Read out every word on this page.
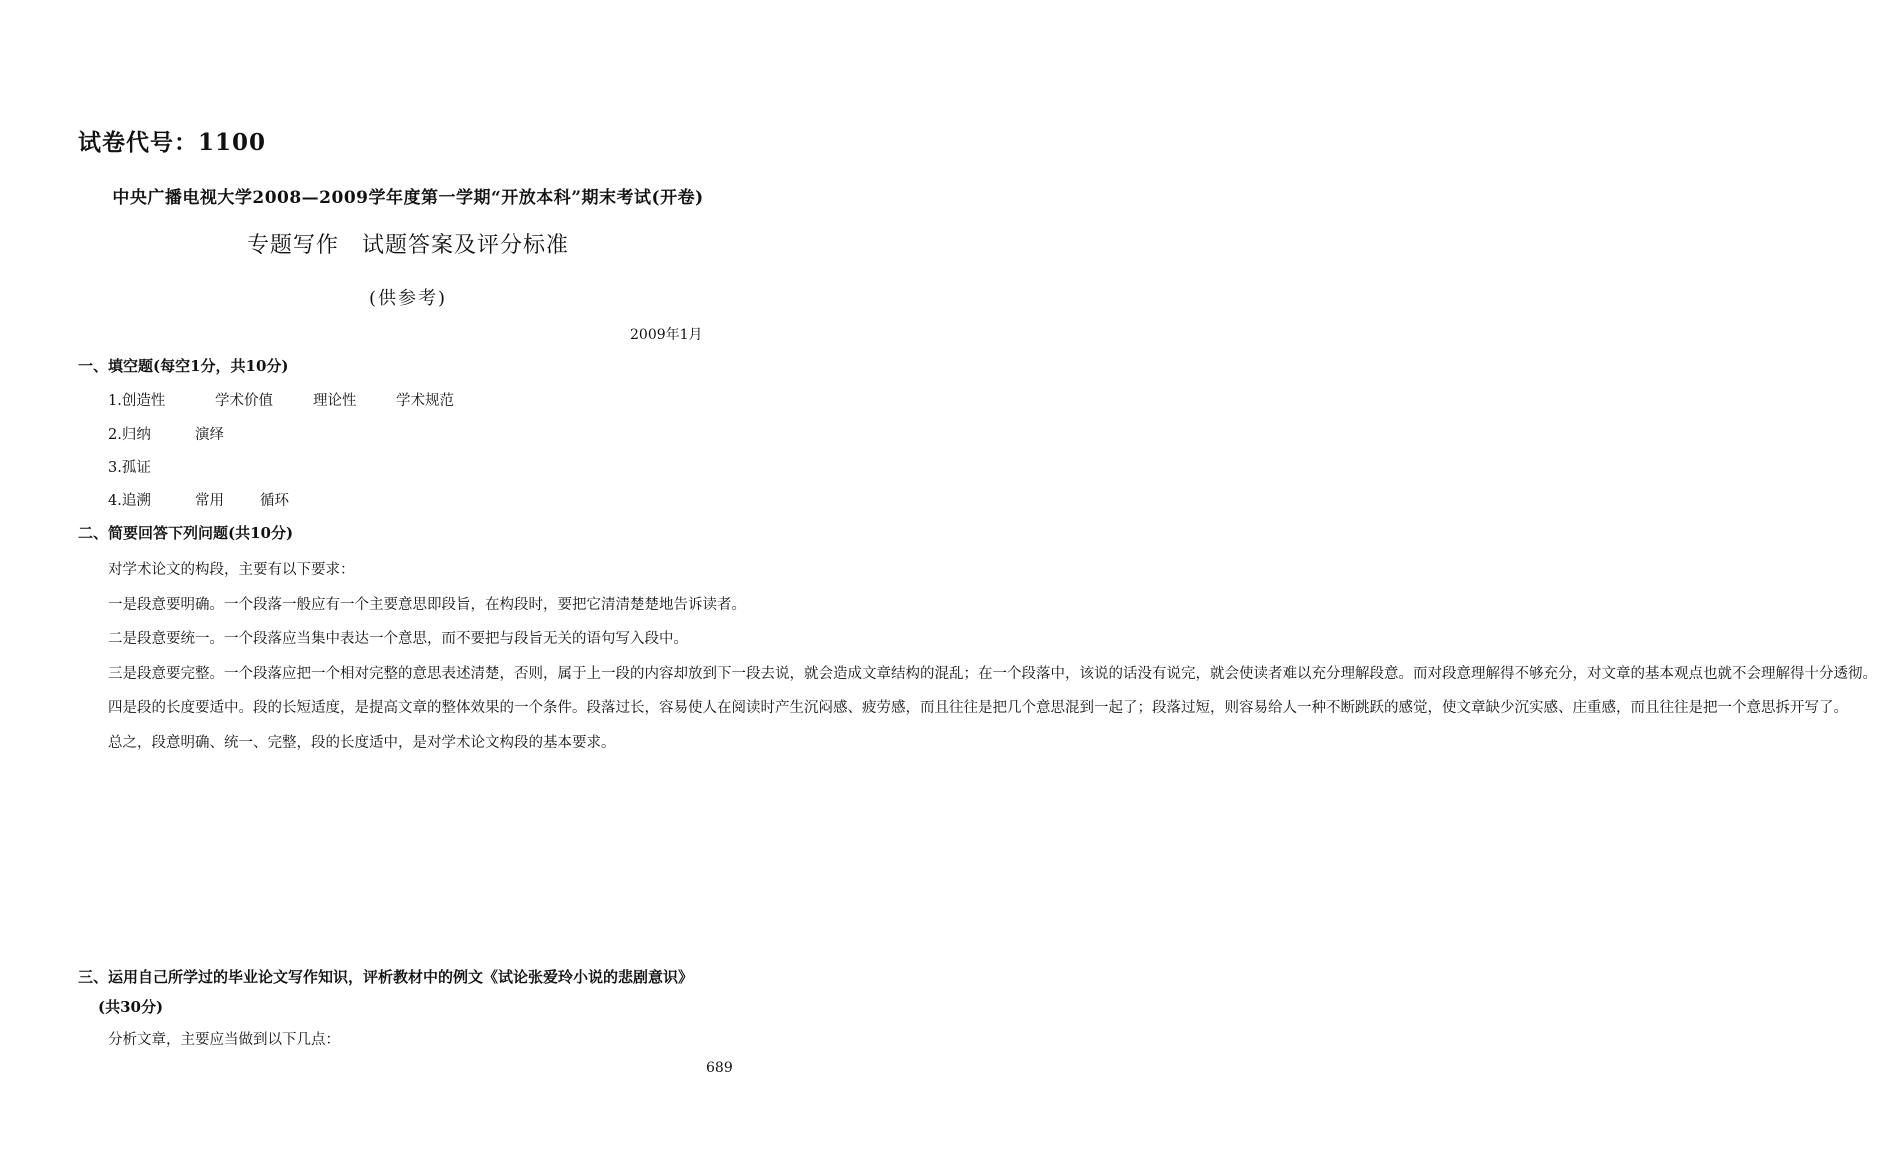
试卷代号：1100
中央广播电视大学2008—2009学年度第一学期“开放本科”期末考试(开卷)
专题写作　试题答案及评分标准
(供参考)
2009年1月
一、填空题(每空1分，共10分)
1.创造性	学术价值	理论性	学术规范
2.归纳	演绎
3.孤证
4.追溯	常用 循环
二、简要回答下列问题(共10分)

对学术论文的构段，主要有以下要求：

一是段意要明确。一个段落一般应有一个主要意思即段旨，在构段时，要把它清清楚楚地告诉读者。

二是段意要统一。一个段落应当集中表达一个意思，而不要把与段旨无关的语句写入段中。

三是段意要完整。一个段落应把一个相对完整的意思表述清楚，否则，属于上一段的内容却放到下一段去说，就会造成文章结构的混乱；在一个段落中，该说的话没有说完，就会使读者难以充分理解段意。而对段意理解得不够充分，对文章的基本观点也就不会理解得十分透彻。

四是段的长度要适中。段的长短适度，是提高文章的整体效果的一个条件。段落过长，容易使人在阅读时产生沉闷感、疲劳感，而且往往是把几个意思混到一起了；段落过短，则容易给人一种不断跳跃的感觉，使文章缺少沉实感、庄重感，而且往往是把一个意思拆开写了。

总之，段意明确、统一、完整，段的长度适中，是对学术论文构段的基本要求。

三、运用自己所学过的毕业论文写作知识，评析教材中的例文《试论张爱玲小说的悲剧意识》
(共30分)

分析文章，主要应当做到以下几点：

689
